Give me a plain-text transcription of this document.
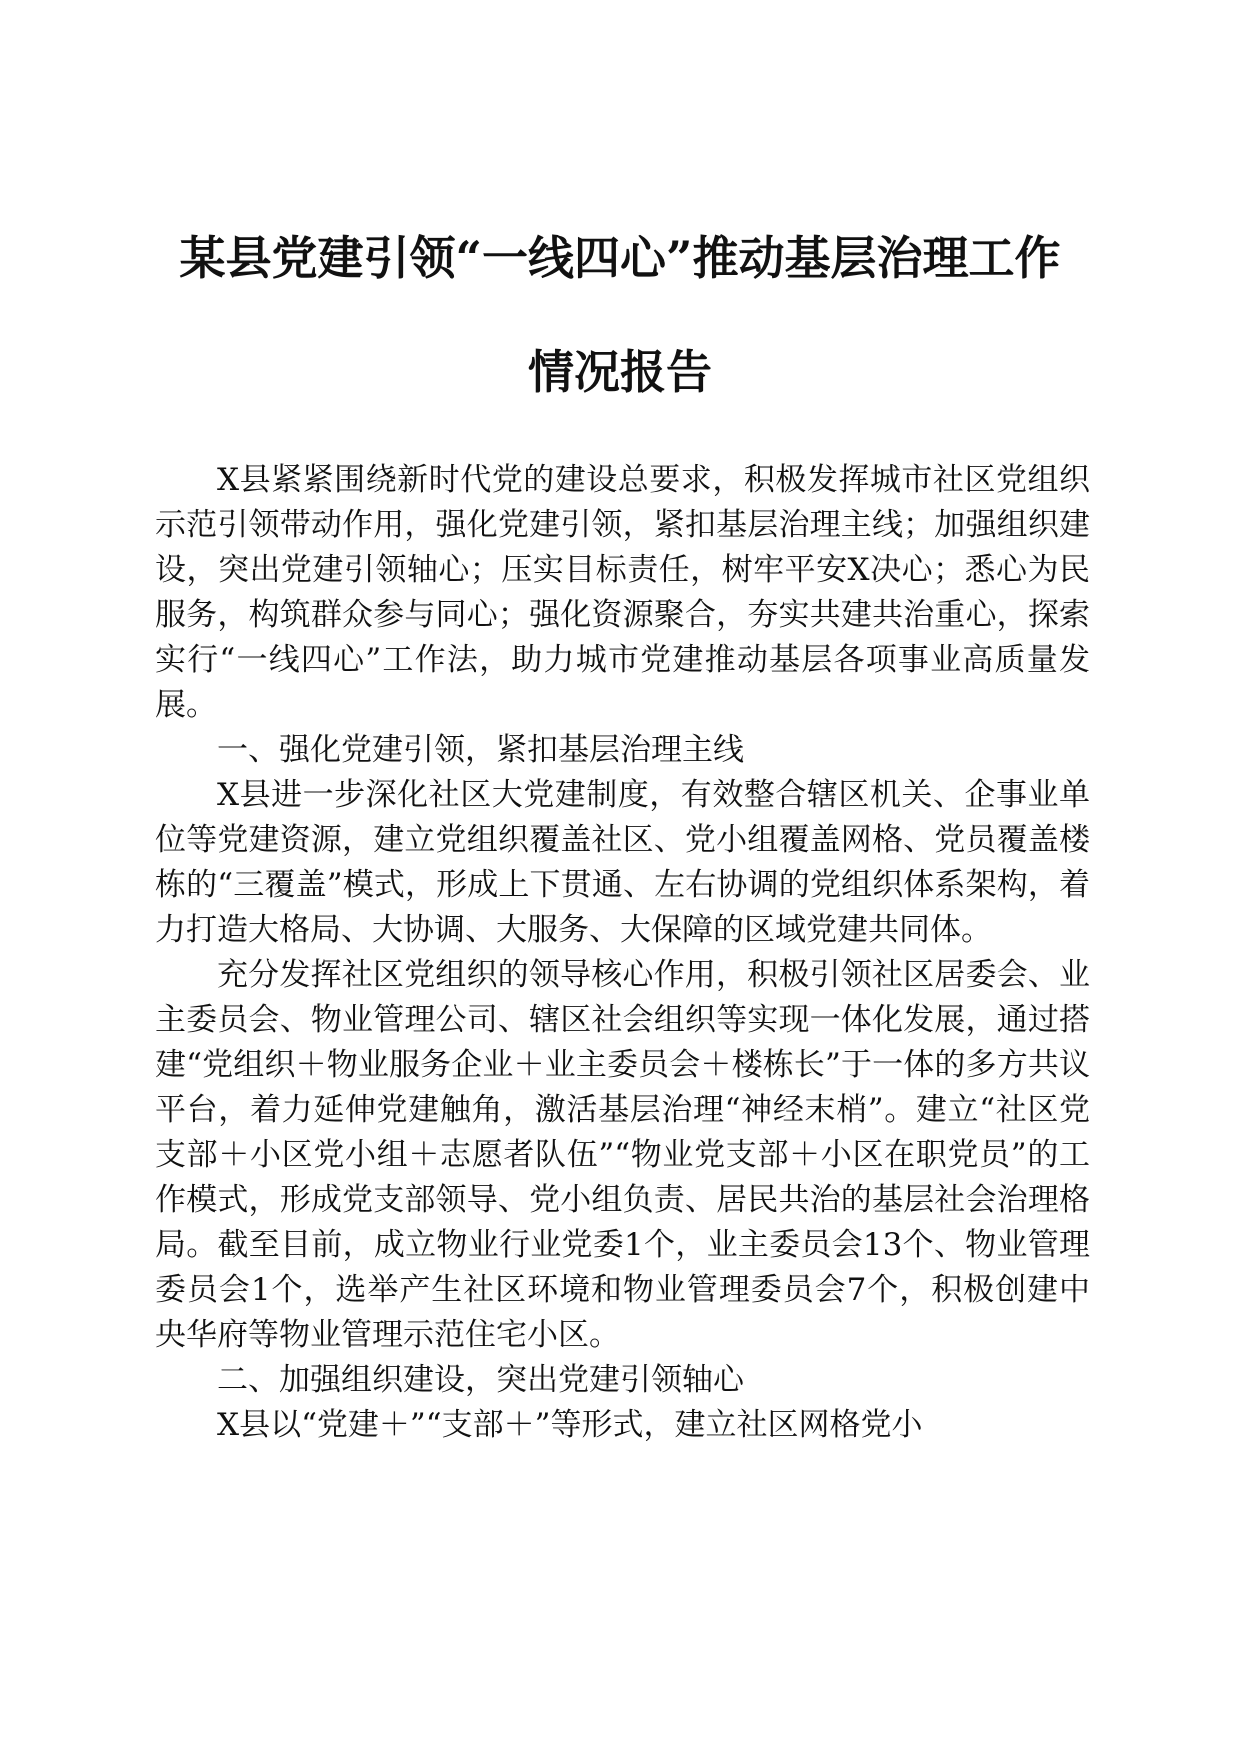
某县党建引领“一线四心”推动基层治理工作
情况报告

X县紧紧围绕新时代党的建设总要求，积极发挥城市社区党组织示范引领带动作用，强化党建引领，紧扣基层治理主线；加强组织建设，突出党建引领轴心；压实目标责任，树牢平安X决心；悉心为民服务，构筑群众参与同心；强化资源聚合，夯实共建共治重心，探索实行“一线四心”工作法，助力城市党建推动基层各项事业高质量发展。

一、强化党建引领，紧扣基层治理主线

X县进一步深化社区大党建制度，有效整合辖区机关、企事业单位等党建资源，建立党组织覆盖社区、党小组覆盖网格、党员覆盖楼栋的“三覆盖”模式，形成上下贯通、左右协调的党组织体系架构，着力打造大格局、大协调、大服务、大保障的区域党建共同体。

充分发挥社区党组织的领导核心作用，积极引领社区居委会、业主委员会、物业管理公司、辖区社会组织等实现一体化发展，通过搭建“党组织＋物业服务企业＋业主委员会＋楼栋长”于一体的多方共议平台，着力延伸党建触角，激活基层治理“神经末梢”。建立“社区党支部＋小区党小组＋志愿者队伍”“物业党支部＋小区在职党员”的工作模式，形成党支部领导、党小组负责、居民共治的基层社会治理格局。截至目前，成立物业行业党委1个，业主委员会13个、物业管理委员会1个，选举产生社区环境和物业管理委员会7个，积极创建中央华府等物业管理示范住宅小区。

二、加强组织建设，突出党建引领轴心

X县以“党建＋”“支部＋”等形式，建立社区网格党小
